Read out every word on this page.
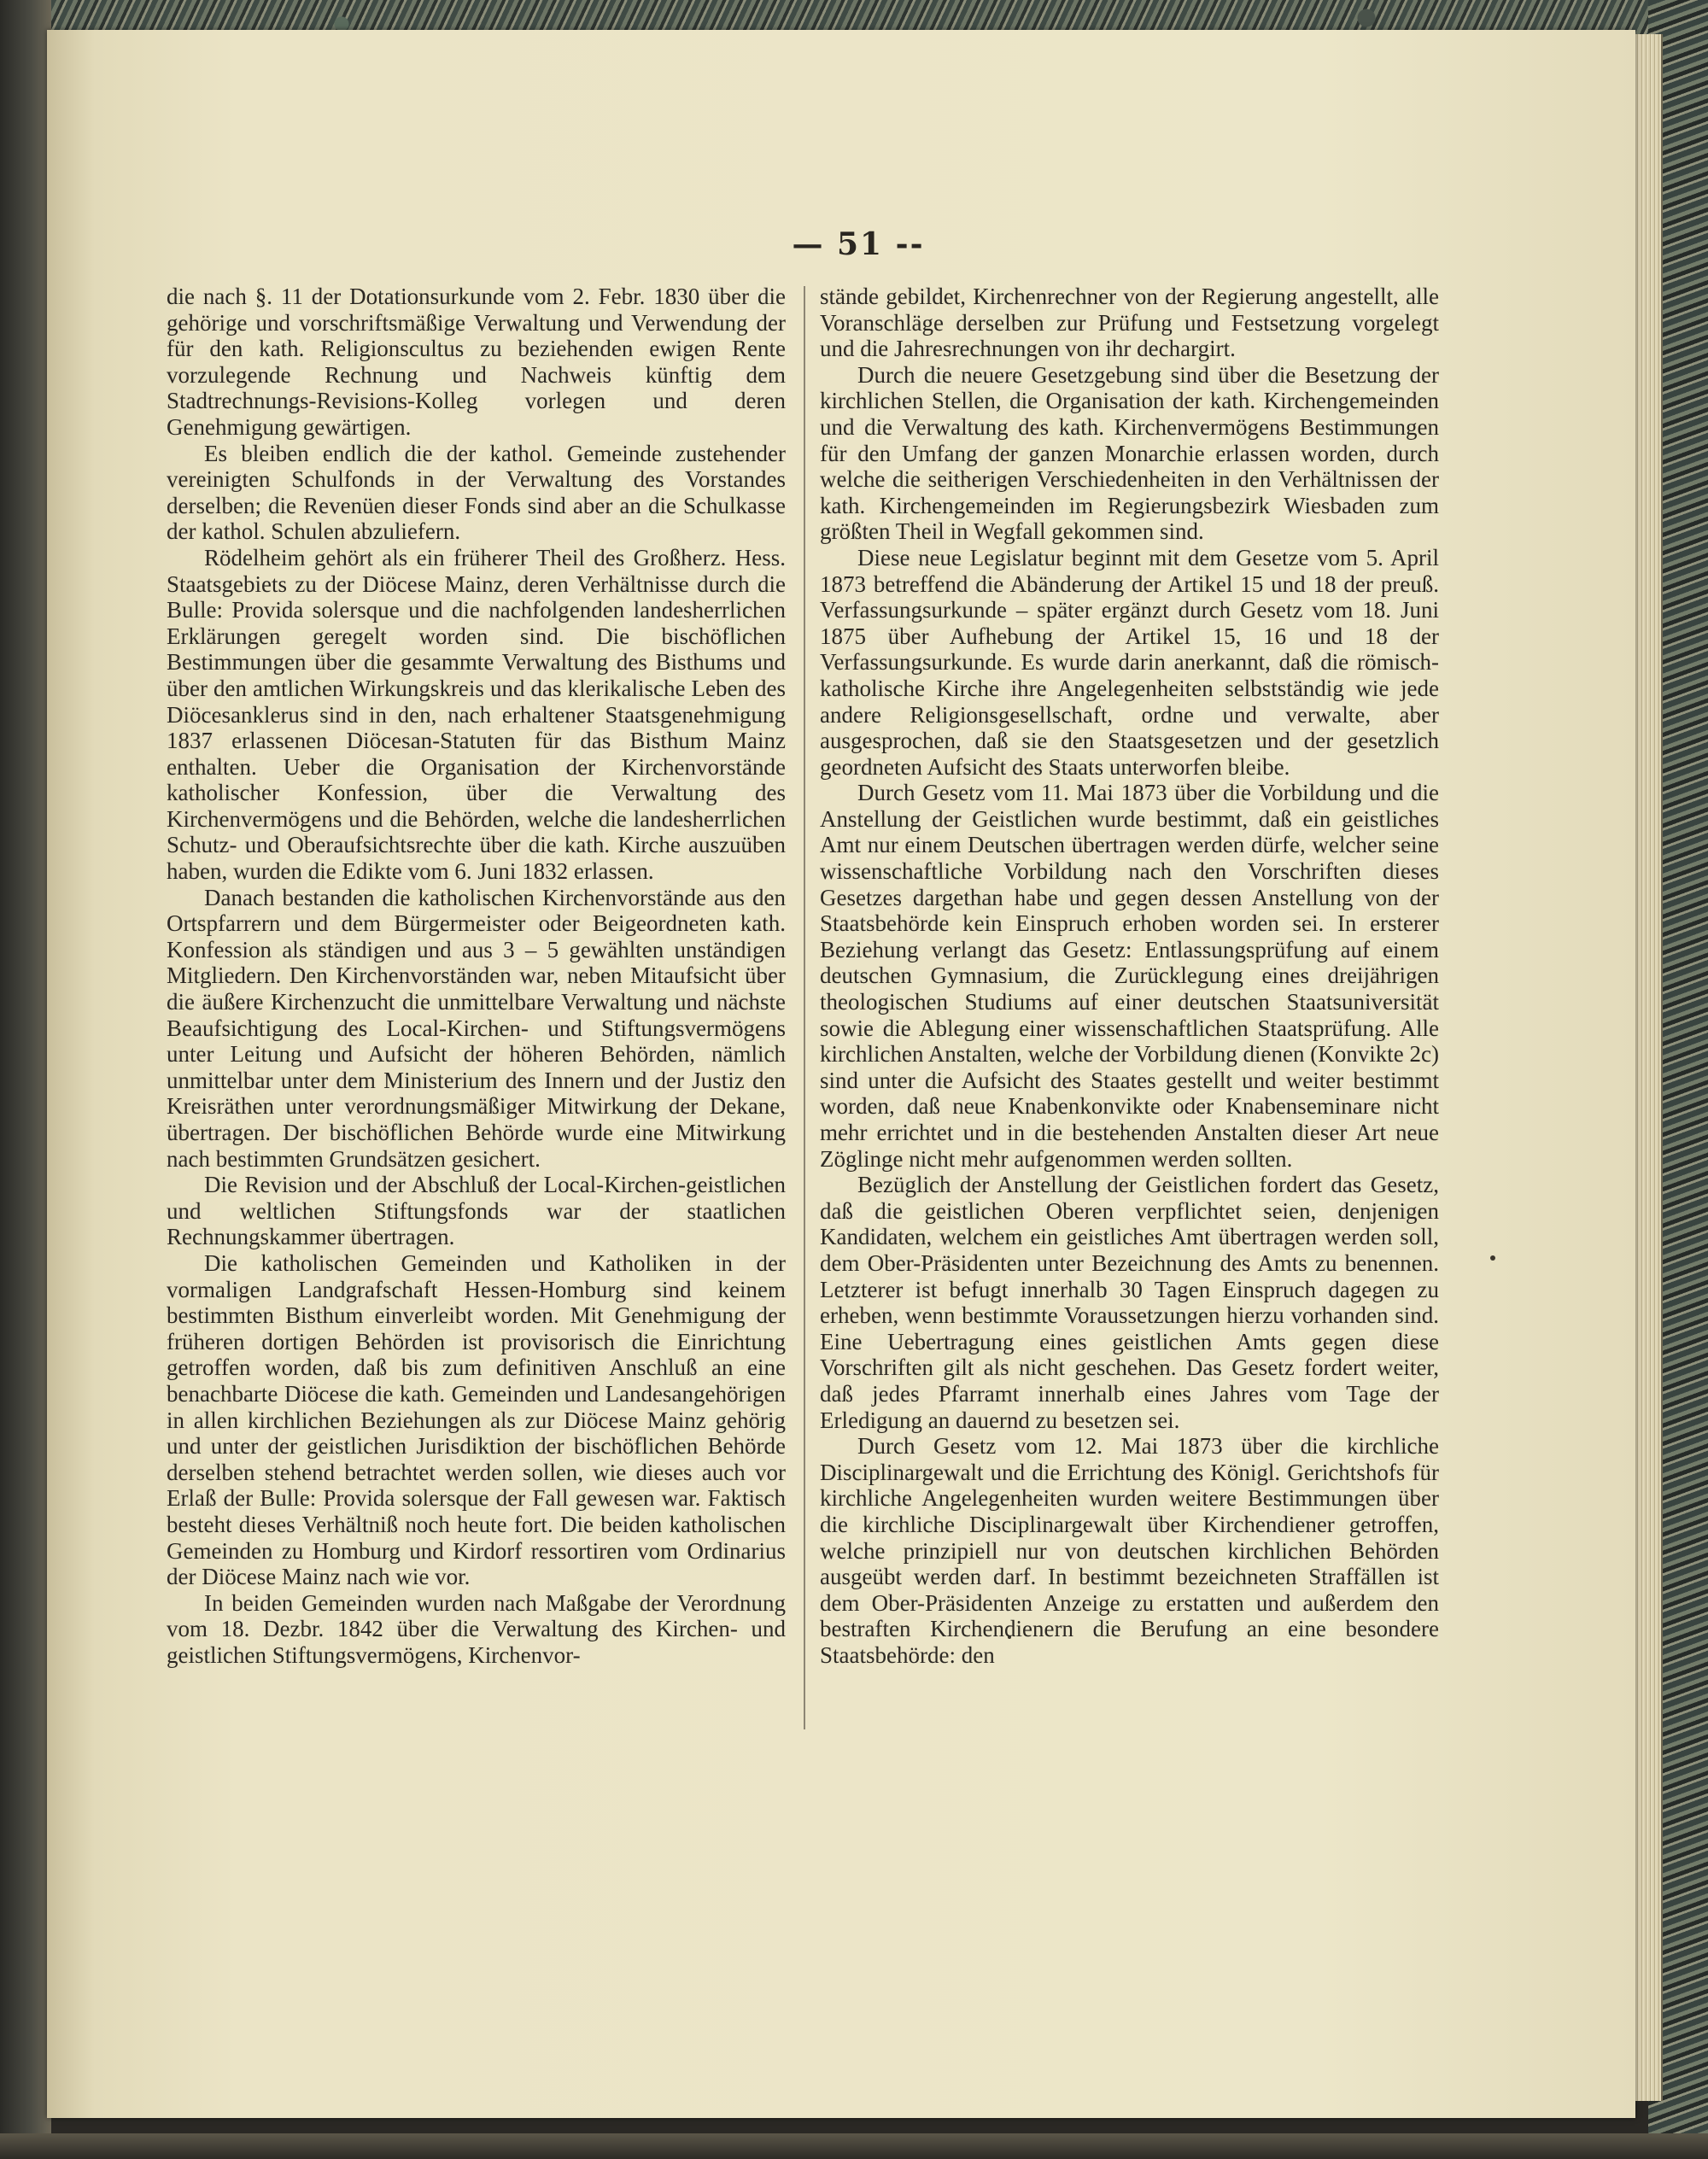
— 51 --

die nach §. 11 der Dotationsurkunde vom 2. Febr. 1830 über die gehörige und vorschriftsmäßige Verwaltung und Verwendung der für den kath. Religionscultus zu beziehenden ewigen Rente vorzulegende Rechnung und Nachweis künftig dem Stadtrechnungs-Revisions-Kolleg vorlegen und deren Genehmigung gewärtigen.

Es bleiben endlich die der kathol. Gemeinde zustehender vereinigten Schulfonds in der Verwaltung des Vorstandes derselben; die Revenüen dieser Fonds sind aber an die Schulkasse der kathol. Schulen abzuliefern.

Rödelheim gehört als ein früherer Theil des Großherz. Hess. Staatsgebiets zu der Diöcese Mainz, deren Verhältnisse durch die Bulle: Provida solersque und die nachfolgenden landesherrlichen Erklärungen geregelt worden sind. Die bischöflichen Bestimmungen über die gesammte Verwaltung des Bisthums und über den amtlichen Wirkungskreis und das klerikalische Leben des Diöcesanklerus sind in den, nach erhaltener Staatsgenehmigung 1837 erlassenen Diöcesan-Statuten für das Bisthum Mainz enthalten. Ueber die Organisation der Kirchenvorstände katholischer Konfession, über die Verwaltung des Kirchenvermögens und die Behörden, welche die landesherrlichen Schutz- und Oberaufsichtsrechte über die kath. Kirche auszuüben haben, wurden die Edikte vom 6. Juni 1832 erlassen.

Danach bestanden die katholischen Kirchenvorstände aus den Ortspfarrern und dem Bürgermeister oder Beigeordneten kath. Konfession als ständigen und aus 3 – 5 gewählten unständigen Mitgliedern. Den Kirchenvorständen war, neben Mitaufsicht über die äußere Kirchenzucht die unmittelbare Verwaltung und nächste Beaufsichtigung des Local-Kirchen- und Stiftungsvermögens unter Leitung und Aufsicht der höheren Behörden, nämlich unmittelbar unter dem Ministerium des Innern und der Justiz den Kreisräthen unter verordnungsmäßiger Mitwirkung der Dekane, übertragen. Der bischöflichen Behörde wurde eine Mitwirkung nach bestimmten Grundsätzen gesichert.

Die Revision und der Abschluß der Local-Kirchen-geistlichen und weltlichen Stiftungsfonds war der staatlichen Rechnungskammer übertragen.

Die katholischen Gemeinden und Katholiken in der vormaligen Landgrafschaft Hessen-Homburg sind keinem bestimmten Bisthum einverleibt worden. Mit Genehmigung der früheren dortigen Behörden ist provisorisch die Einrichtung getroffen worden, daß bis zum definitiven Anschluß an eine benachbarte Diöcese die kath. Gemeinden und Landesangehörigen in allen kirchlichen Beziehungen als zur Diöcese Mainz gehörig und unter der geistlichen Jurisdiktion der bischöflichen Behörde derselben stehend betrachtet werden sollen, wie dieses auch vor Erlaß der Bulle: Provida solersque der Fall gewesen war. Faktisch besteht dieses Verhältniß noch heute fort. Die beiden katholischen Gemeinden zu Homburg und Kirdorf ressortiren vom Ordinarius der Diöcese Mainz nach wie vor.

In beiden Gemeinden wurden nach Maßgabe der Verordnung vom 18. Dezbr. 1842 über die Verwaltung des Kirchen- und geistlichen Stiftungsvermögens, Kirchenvor-

stände gebildet, Kirchenrechner von der Regierung angestellt, alle Voranschläge derselben zur Prüfung und Festsetzung vorgelegt und die Jahresrechnungen von ihr dechargirt.

Durch die neuere Gesetzgebung sind über die Besetzung der kirchlichen Stellen, die Organisation der kath. Kirchengemeinden und die Verwaltung des kath. Kirchenvermögens Bestimmungen für den Umfang der ganzen Monarchie erlassen worden, durch welche die seitherigen Verschiedenheiten in den Verhältnissen der kath. Kirchengemeinden im Regierungsbezirk Wiesbaden zum größten Theil in Wegfall gekommen sind.

Diese neue Legislatur beginnt mit dem Gesetze vom 5. April 1873 betreffend die Abänderung der Artikel 15 und 18 der preuß. Verfassungsurkunde – später ergänzt durch Gesetz vom 18. Juni 1875 über Aufhebung der Artikel 15, 16 und 18 der Verfassungsurkunde. Es wurde darin anerkannt, daß die römisch-katholische Kirche ihre Angelegenheiten selbstständig wie jede andere Religionsgesellschaft, ordne und verwalte, aber ausgesprochen, daß sie den Staatsgesetzen und der gesetzlich geordneten Aufsicht des Staats unterworfen bleibe.

Durch Gesetz vom 11. Mai 1873 über die Vorbildung und die Anstellung der Geistlichen wurde bestimmt, daß ein geistliches Amt nur einem Deutschen übertragen werden dürfe, welcher seine wissenschaftliche Vorbildung nach den Vorschriften dieses Gesetzes dargethan habe und gegen dessen Anstellung von der Staatsbehörde kein Einspruch erhoben worden sei. In ersterer Beziehung verlangt das Gesetz: Entlassungsprüfung auf einem deutschen Gymnasium, die Zurücklegung eines dreijährigen theologischen Studiums auf einer deutschen Staatsuniversität sowie die Ablegung einer wissenschaftlichen Staatsprüfung. Alle kirchlichen Anstalten, welche der Vorbildung dienen (Konvikte 2c) sind unter die Aufsicht des Staates gestellt und weiter bestimmt worden, daß neue Knabenkonvikte oder Knabenseminare nicht mehr errichtet und in die bestehenden Anstalten dieser Art neue Zöglinge nicht mehr aufgenommen werden sollten.

Bezüglich der Anstellung der Geistlichen fordert das Gesetz, daß die geistlichen Oberen verpflichtet seien, denjenigen Kandidaten, welchem ein geistliches Amt übertragen werden soll, dem Ober-Präsidenten unter Bezeichnung des Amts zu benennen. Letzterer ist befugt innerhalb 30 Tagen Einspruch dagegen zu erheben, wenn bestimmte Voraussetzungen hierzu vorhanden sind. Eine Uebertragung eines geistlichen Amts gegen diese Vorschriften gilt als nicht geschehen. Das Gesetz fordert weiter, daß jedes Pfarramt innerhalb eines Jahres vom Tage der Erledigung an dauernd zu besetzen sei.

Durch Gesetz vom 12. Mai 1873 über die kirchliche Disciplinargewalt und die Errichtung des Königl. Gerichtshofs für kirchliche Angelegenheiten wurden weitere Bestimmungen über die kirchliche Disciplinargewalt über Kirchendiener getroffen, welche prinzipiell nur von deutschen kirchlichen Behörden ausgeübt werden darf. In bestimmt bezeichneten Straffällen ist dem Ober-Präsidenten Anzeige zu erstatten und außerdem den bestraften Kirchendienern die Berufung an eine besondere Staatsbehörde: den
